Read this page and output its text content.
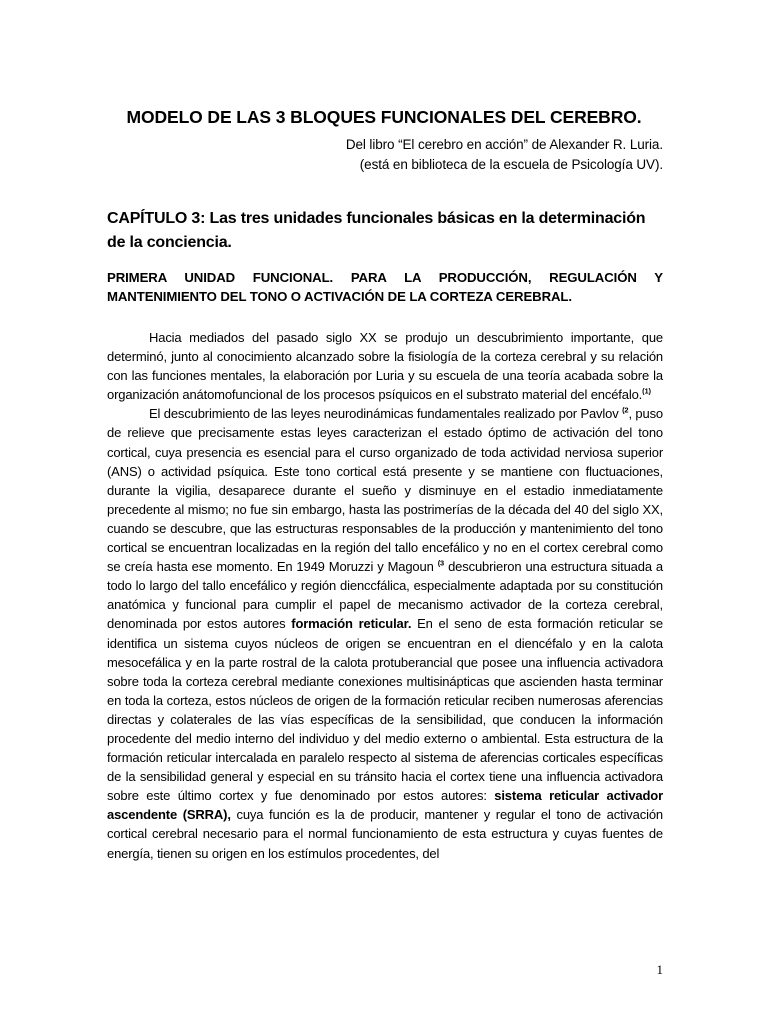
MODELO DE LAS 3 BLOQUES FUNCIONALES DEL CEREBRO.
Del libro “El cerebro en acción” de Alexander R. Luria.
(está en biblioteca de la escuela de Psicología UV).
CAPÍTULO 3: Las tres unidades funcionales básicas en la determinación de la conciencia.
PRIMERA UNIDAD FUNCIONAL. PARA LA PRODUCCIÓN, REGULACIÓN Y MANTENIMIENTO DEL TONO O ACTIVACIÓN DE LA CORTEZA CEREBRAL.

Hacia mediados del pasado siglo XX se produjo un descubrimiento importante, que determinó, junto al conocimiento alcanzado sobre la fisiología de la corteza cerebral y su relación con las funciones mentales, la elaboración por Luria y su escuela de una teoría acabada sobre la organización anátomofuncional de los procesos psíquicos en el substrato material del encéfalo.$^{(1)}$

El descubrimiento de las leyes neurodinámicas fundamentales realizado por Pavlov $^{(2}$, puso de relieve que precisamente estas leyes caracterizan el estado óptimo de activación del tono cortical, cuya presencia es esencial para el curso organizado de toda actividad nerviosa superior (ANS) o actividad psíquica. Este tono cortical está presente y se mantiene con fluctuaciones, durante la vigilia, desaparece durante el sueño y disminuye en el estadio inmediatamente precedente al mismo; no fue sin embargo, hasta las postrimerías de la década del 40 del siglo XX, cuando se descubre, que las estructuras responsables de la producción y mantenimiento del tono cortical se encuentran localizadas en la región del tallo encefálico y no en el cortex cerebral como se creía hasta ese momento. En 1949 Moruzzi y Magoun $^{(3}$ descubrieron una estructura situada a todo lo largo del tallo encefálico y región dienccfálica, especialmente adaptada por su constitución anatómica y funcional para cumplir el papel de mecanismo activador de la corteza cerebral, denominada por estos autores formación reticular. En el seno de esta formación reticular se identifica un sistema cuyos núcleos de origen se encuentran en el diencéfalo y en la calota mesocefálica y en la parte rostral de la calota protuberancial que posee una influencia activadora sobre toda la corteza cerebral mediante conexiones multisinápticas que ascienden hasta terminar en toda la corteza, estos núcleos de origen de la formación reticular reciben numerosas aferencias directas y colaterales de las vías específicas de la sensibilidad, que conducen la información procedente del medio interno del individuo y del medio externo o ambiental. Esta estructura de la formación reticular intercalada en paralelo respecto al sistema de aferencias corticales específicas de la sensibilidad general y especial en su tránsito hacia el cortex tiene una influencia activadora sobre este último cortex y fue denominado por estos autores: sistema reticular activador ascendente (SRRA), cuya función es la de producir, mantener y regular el tono de activación cortical cerebral necesario para el normal funcionamiento de esta estructura y cuyas fuentes de energía, tienen su origen en los estímulos procedentes, del

1
